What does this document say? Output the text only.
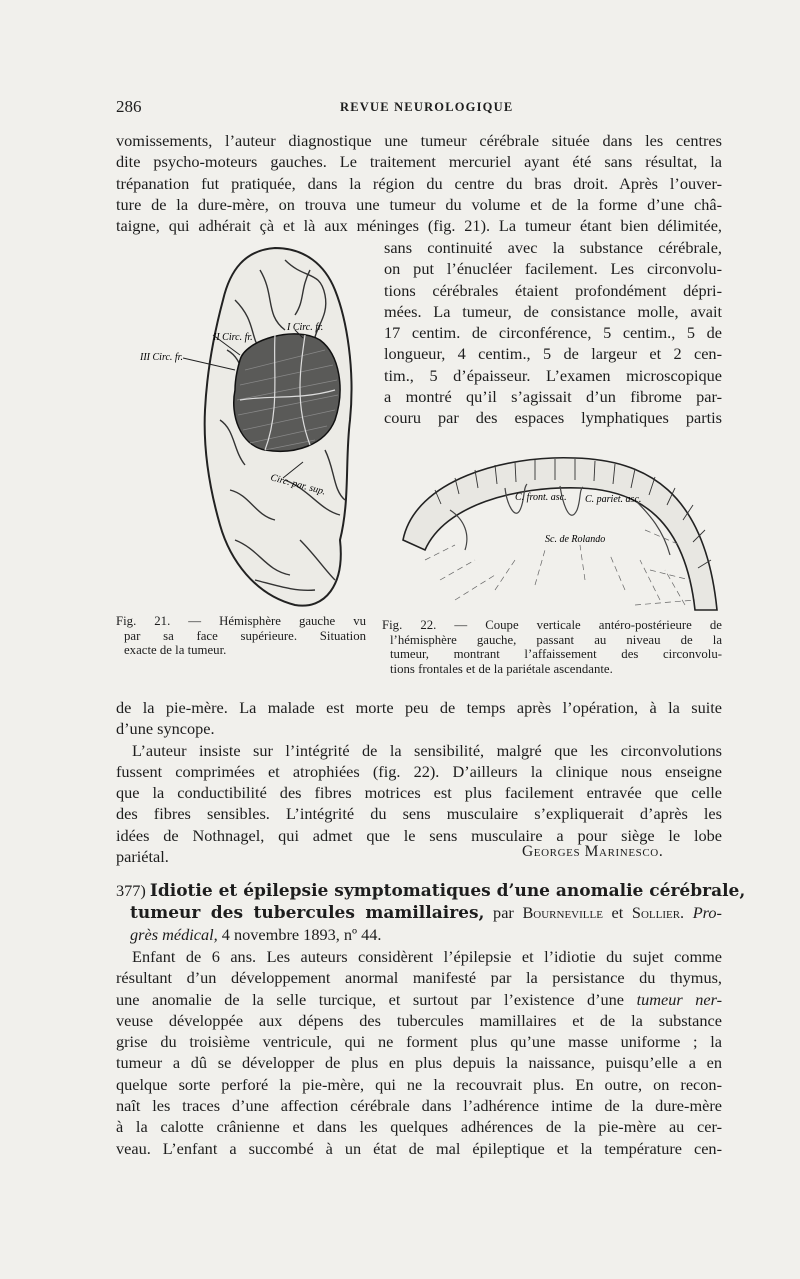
286	REVUE NEUROLOGIQUE
vomissements, l’auteur diagnostique une tumeur cérébrale située dans les centres
dite psycho-moteurs gauches. Le traitement mercuriel ayant été sans résultat, la
trépanation fut pratiquée, dans la région du centre du bras droit. Après l’ouver-
ture de la dure-mère, on trouva une tumeur du volume et de la forme d’une châ-
taigne, qui adhérait çà et là aux méninges (fig. 21). La tumeur étant bien délimitée,
sans continuité avec la substance cérébrale,
on put l’énucléer facilement. Les circonvolu-
tions cérébrales étaient profondément dépri-
mées. La tumeur, de consistance molle, avait
17 centim. de circonférence, 5 centim., 5 de
longueur, 4 centim., 5 de largeur et 2 cen-
tim., 5 d’épaisseur. L’examen microscopique
a montré qu’il s’agissait d’un fibrome par-
couru par des espaces lymphatiques partis
II Circ. fr.
I Circ. fr.
III Circ. fr.
Circ. par. sup.	C. front. asc. C. pariet. asc.
Sc. de Rolando
Fig. 21. — Hémisphère gauche vu
par sa face supérieure. Situation
exacte de la tumeur.
Fig. 22. — Coupe verticale antéro-postérieure de
l’hémisphère gauche, passant au niveau de la
tumeur, montrant l’affaissement des circonvolu-
tions frontales et de la pariétale ascendante.
de la pie-mère. La malade est morte peu de temps après l’opération, à la suite
d’une syncope.
L’auteur insiste sur l’intégrité de la sensibilité, malgré que les circonvolutions
fussent comprimées et atrophiées (fig. 22). D’ailleurs la clinique nous enseigne
que la conductibilité des fibres motrices est plus facilement entravée que celle
des fibres sensibles. L’intégrité du sens musculaire s’expliquerait d’après les
idées de Nothnagel, qui admet que le sens musculaire a pour siège le lobe
pariétal.	Georges Marinesco.
377) Idiotie et épilepsie symptomatiques d’une anomalie cérébrale,
tumeur des tubercules mamillaires, par Bourneville et Sollier. Pro-
grès médical, 4 novembre 1893, nº 44.
Enfant de 6 ans. Les auteurs considèrent l’épilepsie et l’idiotie du sujet comme
résultant d’un développement anormal manifesté par la persistance du thymus,
une anomalie de la selle turcique, et surtout par l’existence d’une tumeur ner-
veuse développée aux dépens des tubercules mamillaires et de la substance
grise du troisième ventricule, qui ne forment plus qu’une masse uniforme ; la
tumeur a dû se développer de plus en plus depuis la naissance, puisqu’elle a en
quelque sorte perforé la pie-mère, qui ne la recouvrait plus. En outre, on recon-
naît les traces d’une affection cérébrale dans l’adhérence intime de la dure-mère
à la calotte crânienne et dans les quelques adhérences de la pie-mère au cer-
veau. L’enfant a succombé à un état de mal épileptique et la température cen-
